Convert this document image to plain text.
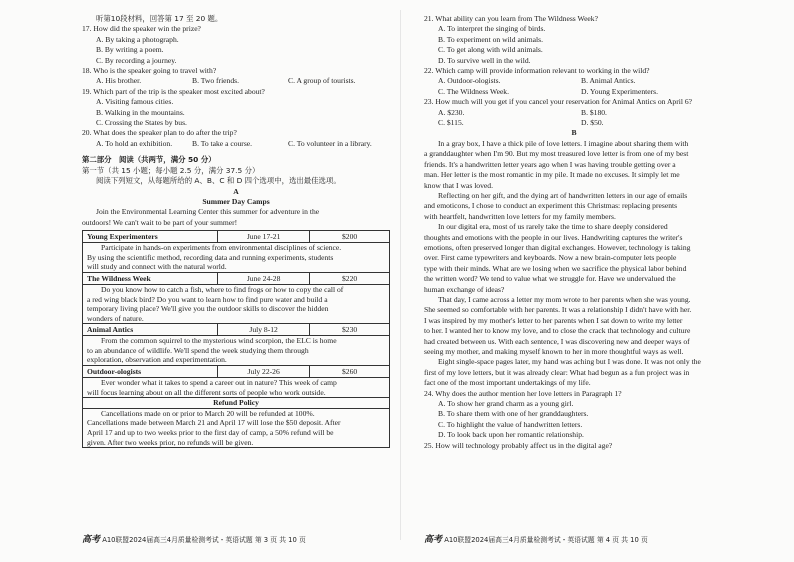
听第10段材料，回答第 17 至 20 题。
17. How did the speaker win the prize?
A. By taking a photograph.
B. By writing a poem.
C. By recording a journey.
18. Who is the speaker going to travel with?
A. His brother.	B. Two friends.	C. A group of tourists.
19. Which part of the trip is the speaker most excited about?
A. Visiting famous cities.
B. Walking in the mountains.
C. Crossing the States by bus.
20. What does the speaker plan to do after the trip?
A. To hold an exhibition.	B. To take a course.	C. To volunteer in a library.
第二部分　阅读（共两节，满分 50 分）
第一节（共 15 小题；每小题 2.5 分，满分 37.5 分）
阅读下列短文，从每题所给的 A、B、C 和 D 四个选项中，选出最佳选项。
A
Summer Day Camps
Join the Environmental Learning Center this summer for adventure in the
outdoors! We can't wait to be part of your summer!
Young Experimenters	June 17-21	$200

Participate in hands-on experiments from environmental disciplines of science.
By using the scientific method, recording data and running experiments, students
will study and connect with the natural world.		

The Wildness Week	June 24-28	$220

Do you know how to catch a fish, where to find frogs or how to copy the call of
a red wing black bird? Do you want to learn how to find pure water and build a
temporary living place? We'll give you the outdoor skills to discover the hidden
wonders of nature.		

Animal Antics	July 8-12	$230

From the common squirrel to the mysterious wind scorpion, the ELC is home
to an abundance of wildlife. We'll spend the week studying them through
exploration, observation and experimentation.		

Outdoor-ologists	July 22-26	$260

Ever wonder what it takes to spend a career out in nature? This week of camp
will focus learning about on all the different sorts of people who work outside.		

Refund Policy		

Cancellations made on or prior to March 20 will be refunded at 100%.
Cancellations made between March 21 and April 17 will lose the $50 deposit. After
April 17 and up to two weeks prior to the first day of camp, a 50% refund will be
given. After two weeks prior, no refunds will be given.		
高考 A10联盟2024届高三4月质量检测考试・英语试题 第 3 页 共 10 页
21. What ability can you learn from The Wildness Week?
A. To interpret the singing of birds.
B. To experiment on wild animals.
C. To get along with wild animals.
D. To survive well in the wild.
22. Which camp will provide information relevant to working in the wild?
A. Outdoor-ologists.	B. Animal Antics.
C. The Wildness Week.	D. Young Experimenters.
23. How much will you get if you cancel your reservation for Animal Antics on April 6?
A. $230.	B. $180.
C. $115.	D. $50.
B
In a gray box, I have a thick pile of love letters. I imagine about sharing them with
a granddaughter when I'm 90. But my most treasured love letter is from one of my best
friends. It's a handwritten letter years ago when I was having trouble getting over a
man. Her letter is the most romantic in my pile. It made no excuses. It simply let me
know that I was loved.
Reflecting on her gift, and the dying art of handwritten letters in our age of emails
and emoticons, I chose to conduct an experiment this Christmas: replacing presents
with heartfelt, handwritten love letters for my family members.
In our digital era, most of us rarely take the time to share deeply considered
thoughts and emotions with the people in our lives. Handwriting captures the writer's
emotions, often preserved longer than digital exchanges. However, technology is taking
over. First came typewriters and keyboards. Now a new brain-computer lets people
type with their minds. What are we losing when we sacrifice the physical labor behind
the written word? We tend to value what we struggle for. Have we undervalued the
human exchange of ideas?
That day, I came across a letter my mom wrote to her parents when she was young.
She seemed so comfortable with her parents. It was a relationship I didn't have with her.
I was inspired by my mother's letter to her parents when I sat down to write my letter
to her. I wanted her to know my love, and to close the crack that technology and culture
had created between us. With each sentence, I was discovering new and deeper ways of
seeing my mother, and making myself known to her in more thoughtful ways as well.
Eight single-space pages later, my hand was aching but I was done. It was not only the
first of my love letters, but it was already clear: What had begun as a fun project was in
fact one of the most important undertakings of my life.
24. Why does the author mention her love letters in Paragraph 1?
A. To show her grand charm as a young girl.
B. To share them with one of her granddaughters.
C. To highlight the value of handwritten letters.
D. To look back upon her romantic relationship.
25. How will technology probably affect us in the digital age?
高考 A10联盟2024届高三4月质量检测考试・英语试题 第 4 页 共 10 页
